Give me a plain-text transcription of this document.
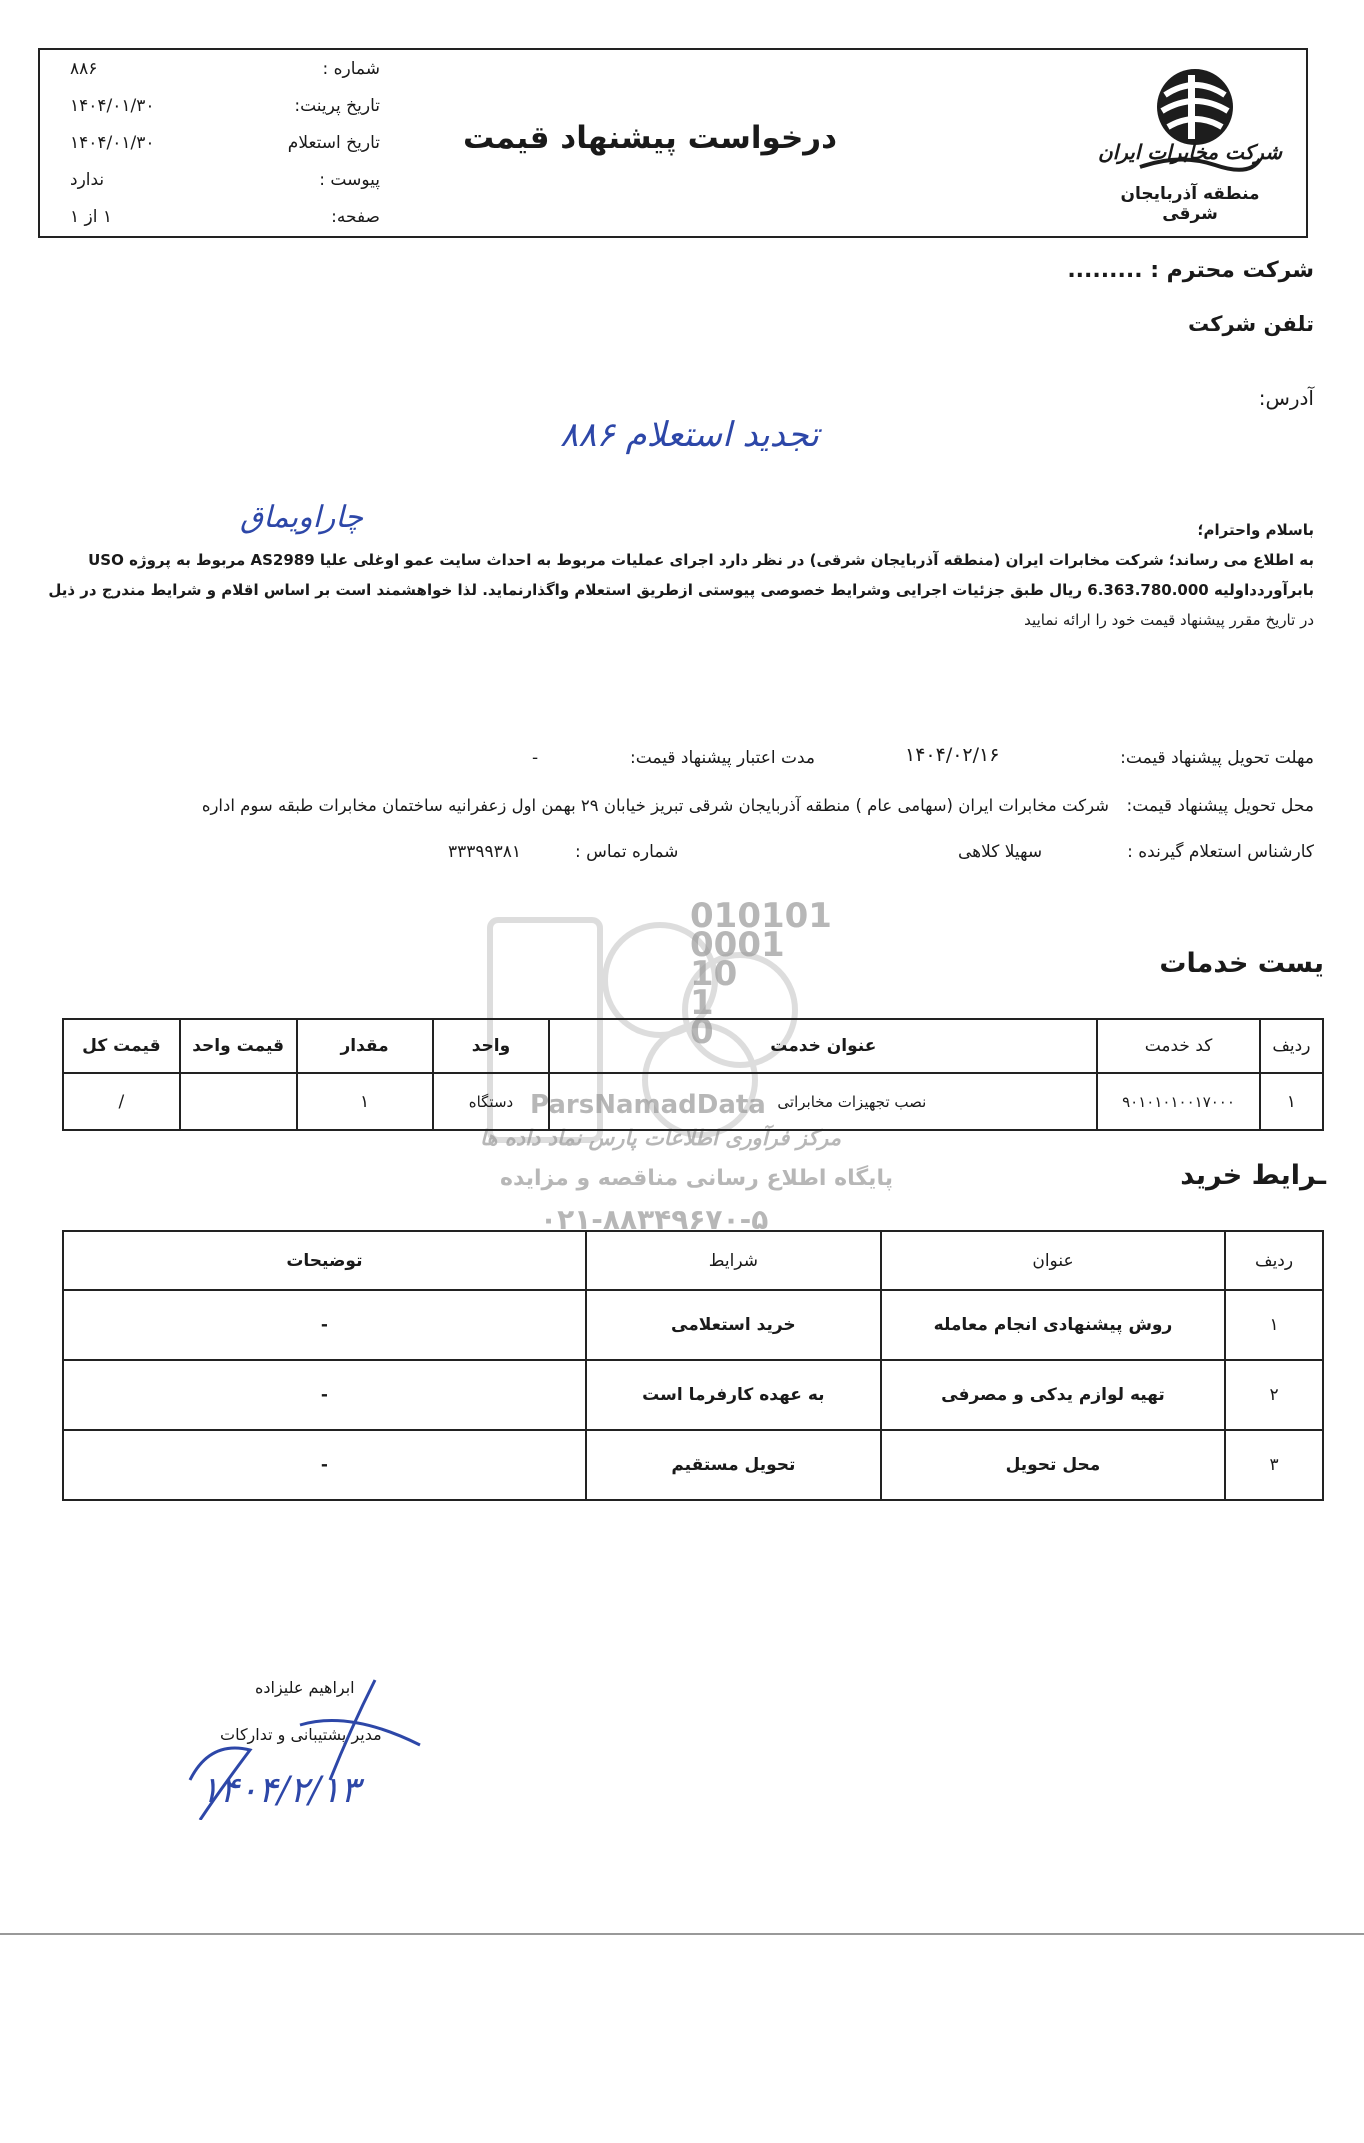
شماره :
۸۸۶
تاریخ پرینت:
۱۴۰۴/۰۱/۳۰
تاریخ استعلام
۱۴۰۴/۰۱/۳۰
پیوست :
ندارد
صفحه:
۱ از ۱
درخواست پیشنهاد قیمت	شرکت مخابرات ایران
منطقه آذربایجان شرقی
شرکت محترم : .........
تلفن شرکت
آدرس:
تجدید استعلام ۸۸۶
چاراویماق	باسلام واحترام؛
به اطلاع می رساند؛ شرکت مخابرات ایران (منطقه آذربایجان شرقی) در نظر دارد اجرای عملیات مربوط به احداث سایت عمو اوغلی علیا AS2989 مربوط به پروژه USO
بابرآوردداولیه 6.363.780.000 ریال طبق جزئیات اجرایی وشرایط خصوصی پیوستی ازطریق استعلام واگذارنماید. لذا خواهشمند است بر اساس اقلام و شرایط مندرج در ذیل
در تاریخ مقرر پیشنهاد قیمت خود را ارائه نمایید
مهلت تحویل پیشنهاد قیمت:
۱۴۰۴/۰۲/۱۶
مدت اعتبار پیشنهاد قیمت:
-
محل تحویل پیشنهاد قیمت:
شرکت مخابرات ایران (سهامی عام ) منطقه آذربایجان شرقی تبریز خیابان ۲۹ بهمن اول زعفرانیه ساختمان مخابرات طبقه سوم اداره
کارشناس استعلام گیرنده :
سهیلا کلاهی
شماره تماس :
۳۳۳۹۹۳۸۱
010101
0001
10
1
0
ParsNamadData
مرکز فرآوری اطلاعات پارس نماد داده ها
پایگاه اطلاع رسانی مناقصه و مزایده
۰۲۱-۸۸۳۴۹۶۷۰-۵
یست خدمات
ردیف	کد خدمت	عنوان خدمت	واحد	مقدار	قیمت واحد	قیمت کل
۱	۹۰۱۰۱۰۱۰۰۱۷۰۰۰	نصب تجهیزات مخابراتی	دستگاه	۱		/
ـرایط خرید
ردیف	عنوان	شرایط	توضیحات
۱	روش پیشنهادی انجام معامله	خرید استعلامی	-
۲	تهیه لوازم یدکی و مصرفی	به عهده کارفرما است	-
۳	محل تحویل	تحویل مستقیم	-
ابراهیم علیزاده
مدیر پشتیبانی و تدارکات
۱۴۰۴/۲/۱۳
